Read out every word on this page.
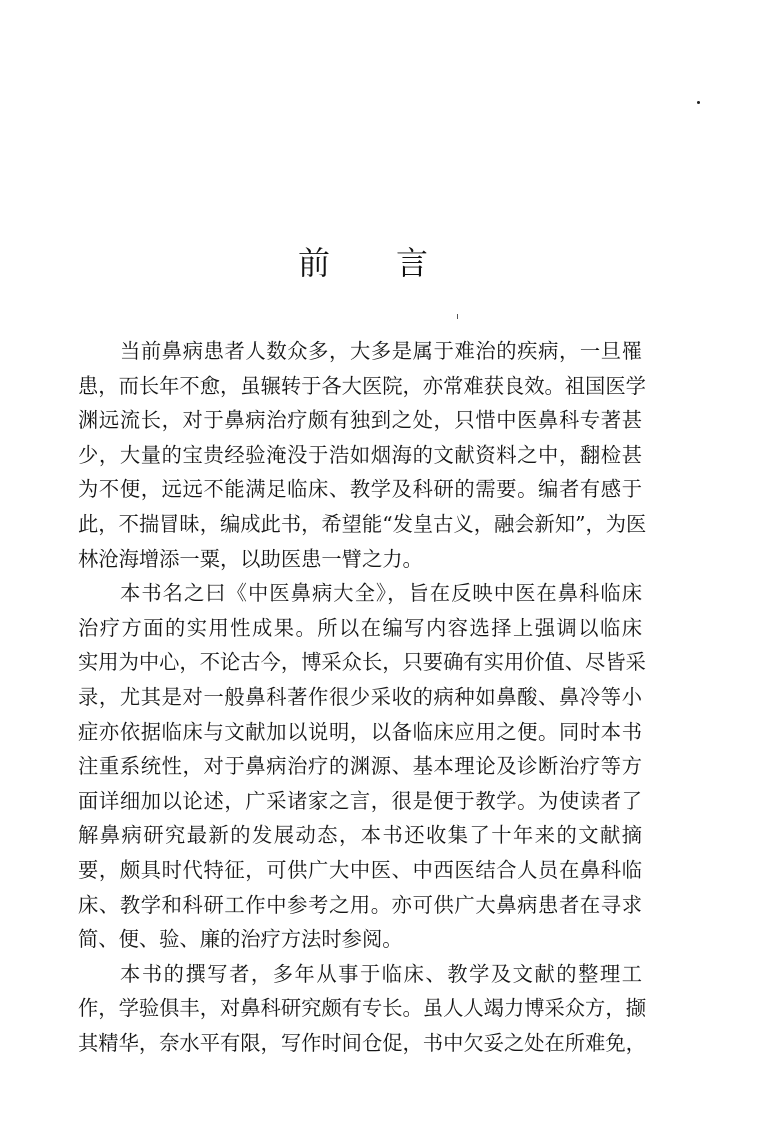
前 言
当前鼻病患者人数众多，大多是属于难治的疾病，一旦罹
患，而长年不愈，虽辗转于各大医院，亦常难获良效。祖国医学
渊远流长，对于鼻病治疗颇有独到之处，只惜中医鼻科专著甚
少，大量的宝贵经验淹没于浩如烟海的文献资料之中，翻检甚
为不便，远远不能满足临床、教学及科研的需要。编者有感于
此，不揣冒昧，编成此书，希望能“发皇古义，融会新知”，为医
林沧海增添一粟，以助医患一臂之力。
本书名之曰《中医鼻病大全》，旨在反映中医在鼻科临床
治疗方面的实用性成果。所以在编写内容选择上强调以临床
实用为中心，不论古今，博采众长，只要确有实用价值、尽皆采
录，尤其是对一般鼻科著作很少采收的病种如鼻酸、鼻冷等小
症亦依据临床与文献加以说明，以备临床应用之便。同时本书
注重系统性，对于鼻病治疗的渊源、基本理论及诊断治疗等方
面详细加以论述，广采诸家之言，很是便于教学。为使读者了
解鼻病研究最新的发展动态，本书还收集了十年来的文献摘
要，颇具时代特征，可供广大中医、中西医结合人员在鼻科临
床、教学和科研工作中参考之用。亦可供广大鼻病患者在寻求
简、便、验、廉的治疗方法时参阅。
本书的撰写者，多年从事于临床、教学及文献的整理工
作，学验俱丰，对鼻科研究颇有专长。虽人人竭力博采众方，撷
其精华，奈水平有限，写作时间仓促，书中欠妥之处在所难免，
